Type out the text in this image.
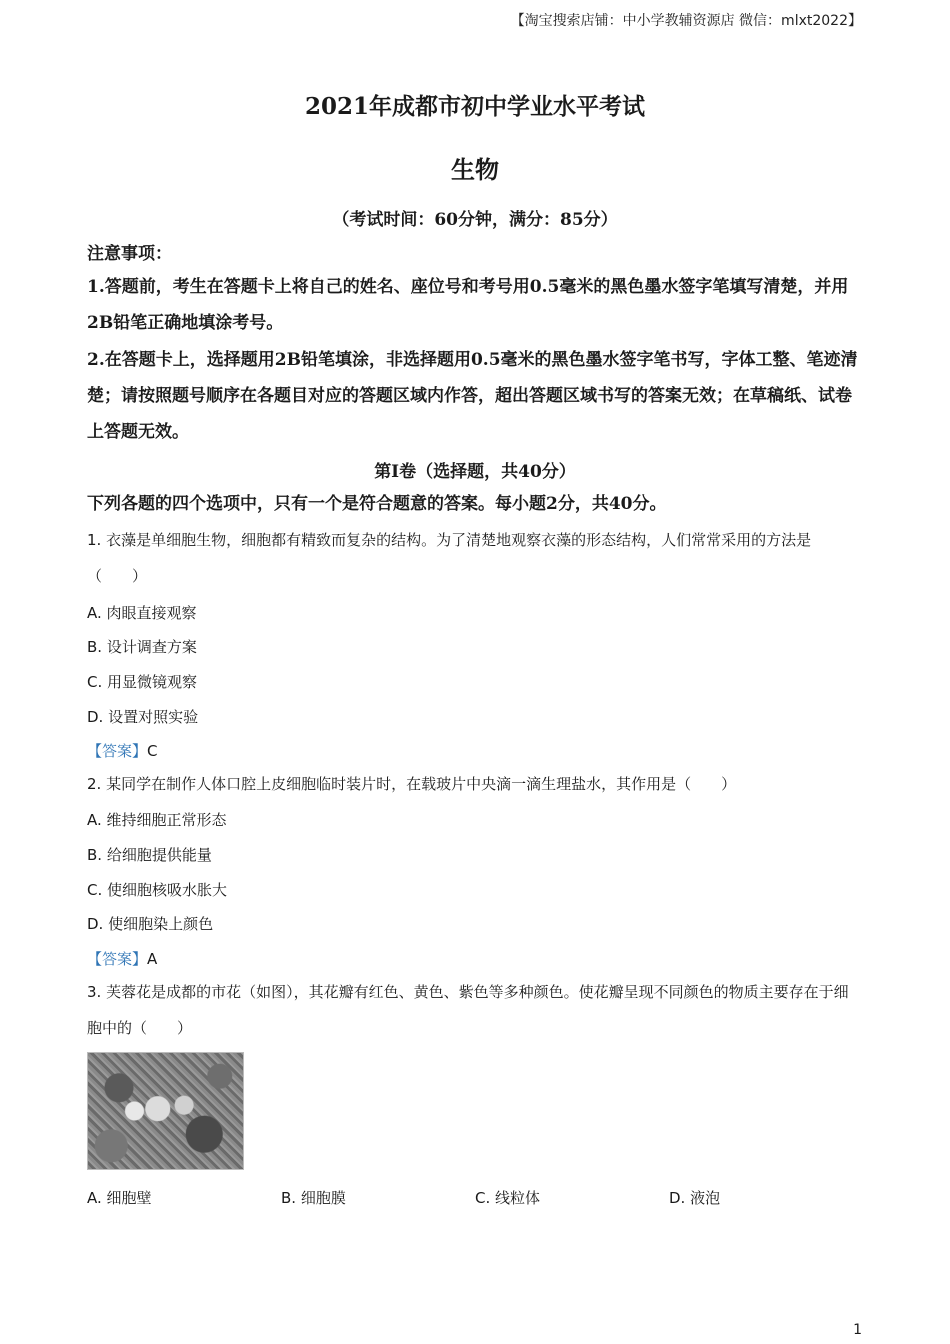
【淘宝搜索店铺：中小学教辅资源店 微信：mlxt2022】
2021年成都市初中学业水平考试
生物
（考试时间：60分钟，满分：85分）
注意事项：
1.答题前，考生在答题卡上将自己的姓名、座位号和考号用0.5毫米的黑色墨水签字笔填写清楚，并用2B铅笔正确地填涂考号。
2.在答题卡上，选择题用2B铅笔填涂，非选择题用0.5毫米的黑色墨水签字笔书写，字体工整、笔迹清楚；请按照题号顺序在各题目对应的答题区域内作答，超出答题区域书写的答案无效；在草稿纸、试卷上答题无效。
第Ⅰ卷（选择题，共40分）
下列各题的四个选项中，只有一个是符合题意的答案。每小题2分，共40分。
1. 衣藻是单细胞生物，细胞都有精致而复杂的结构。为了清楚地观察衣藻的形态结构，人们常常采用的方法是（　　）
A. 肉眼直接观察
B. 设计调查方案
C. 用显微镜观察
D. 设置对照实验
【答案】C
2. 某同学在制作人体口腔上皮细胞临时装片时，在载玻片中央滴一滴生理盐水，其作用是（　　）
A. 维持细胞正常形态
B. 给细胞提供能量
C. 使细胞核吸水胀大
D. 使细胞染上颜色
【答案】A
3. 芙蓉花是成都的市花（如图），其花瓣有红色、黄色、紫色等多种颜色。使花瓣呈现不同颜色的物质主要存在于细胞中的（　　）
A. 细胞壁	B. 细胞膜	C. 线粒体	D. 液泡
1
